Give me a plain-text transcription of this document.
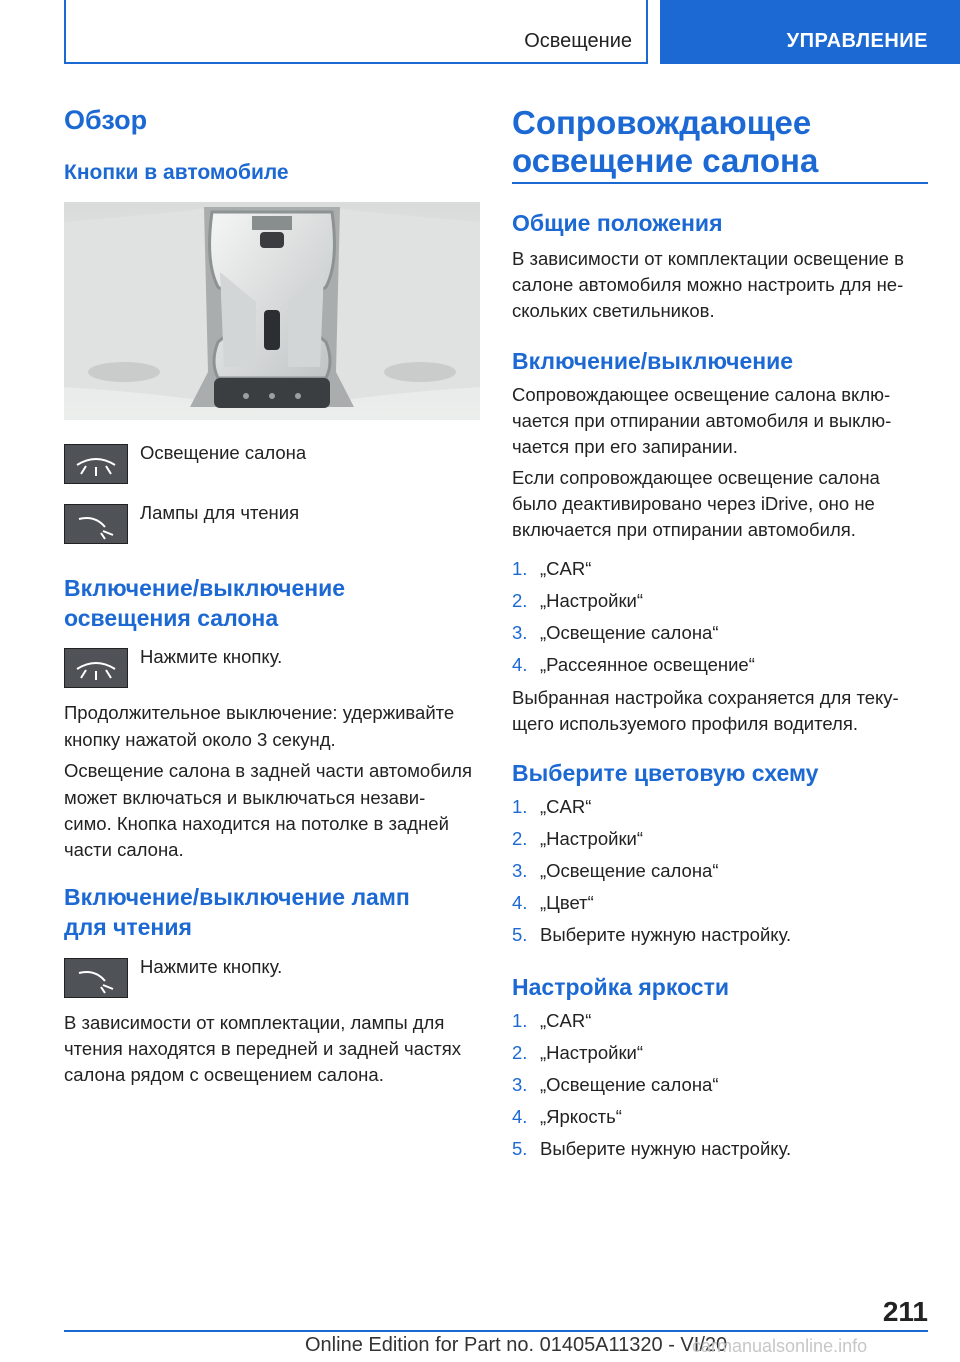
Освещение	УПРАВЛЕНИЕ
Обзор
Кнопки в автомобиле
Освещение салона
Лампы для чтения
Включение/выключение
освещения салона
Нажмите кнопку.

Продолжительное выключение: удерживайте

кнопку нажатой около 3 секунд.

Освещение салона в задней части автомобиля

может включаться и выключаться незави‐

симо. Кнопка находится на потолке в задней

части салона.

Включение/выключение ламп
для чтения
Нажмите кнопку.

В зависимости от комплектации, лампы для

чтения находятся в передней и задней частях

салона рядом с освещением салона.

Сопровождающее
освещение салона
Общие положения

В зависимости от комплектации освещение в

салоне автомобиля можно настроить для не‐

скольких светильников.

Включение/выключение

Сопровождающее освещение салона вклю‐

чается при отпирании автомобиля и выклю‐

чается при его запирании.

Если сопровождающее освещение салона

было деактивировано через iDrive, оно не

включается при отпирании автомобиля.

1. „CAR“
2. „Настройки“
3. „Освещение салона“
4. „Рассеянное освещение“

Выбранная настройка сохраняется для теку‐

щего используемого профиля водителя.

Выберите цветовую схему
1. „CAR“
2. „Настройки“
3. „Освещение салона“
4. „Цвет“
5. Выберите нужную настройку.
Настройка яркости
1. „CAR“
2. „Настройки“
3. „Освещение салона“
4. „Яркость“
5. Выберите нужную настройку.
211
Online Edition for Part no. 01405A11320 - VI/20
carmanualsonline.info
